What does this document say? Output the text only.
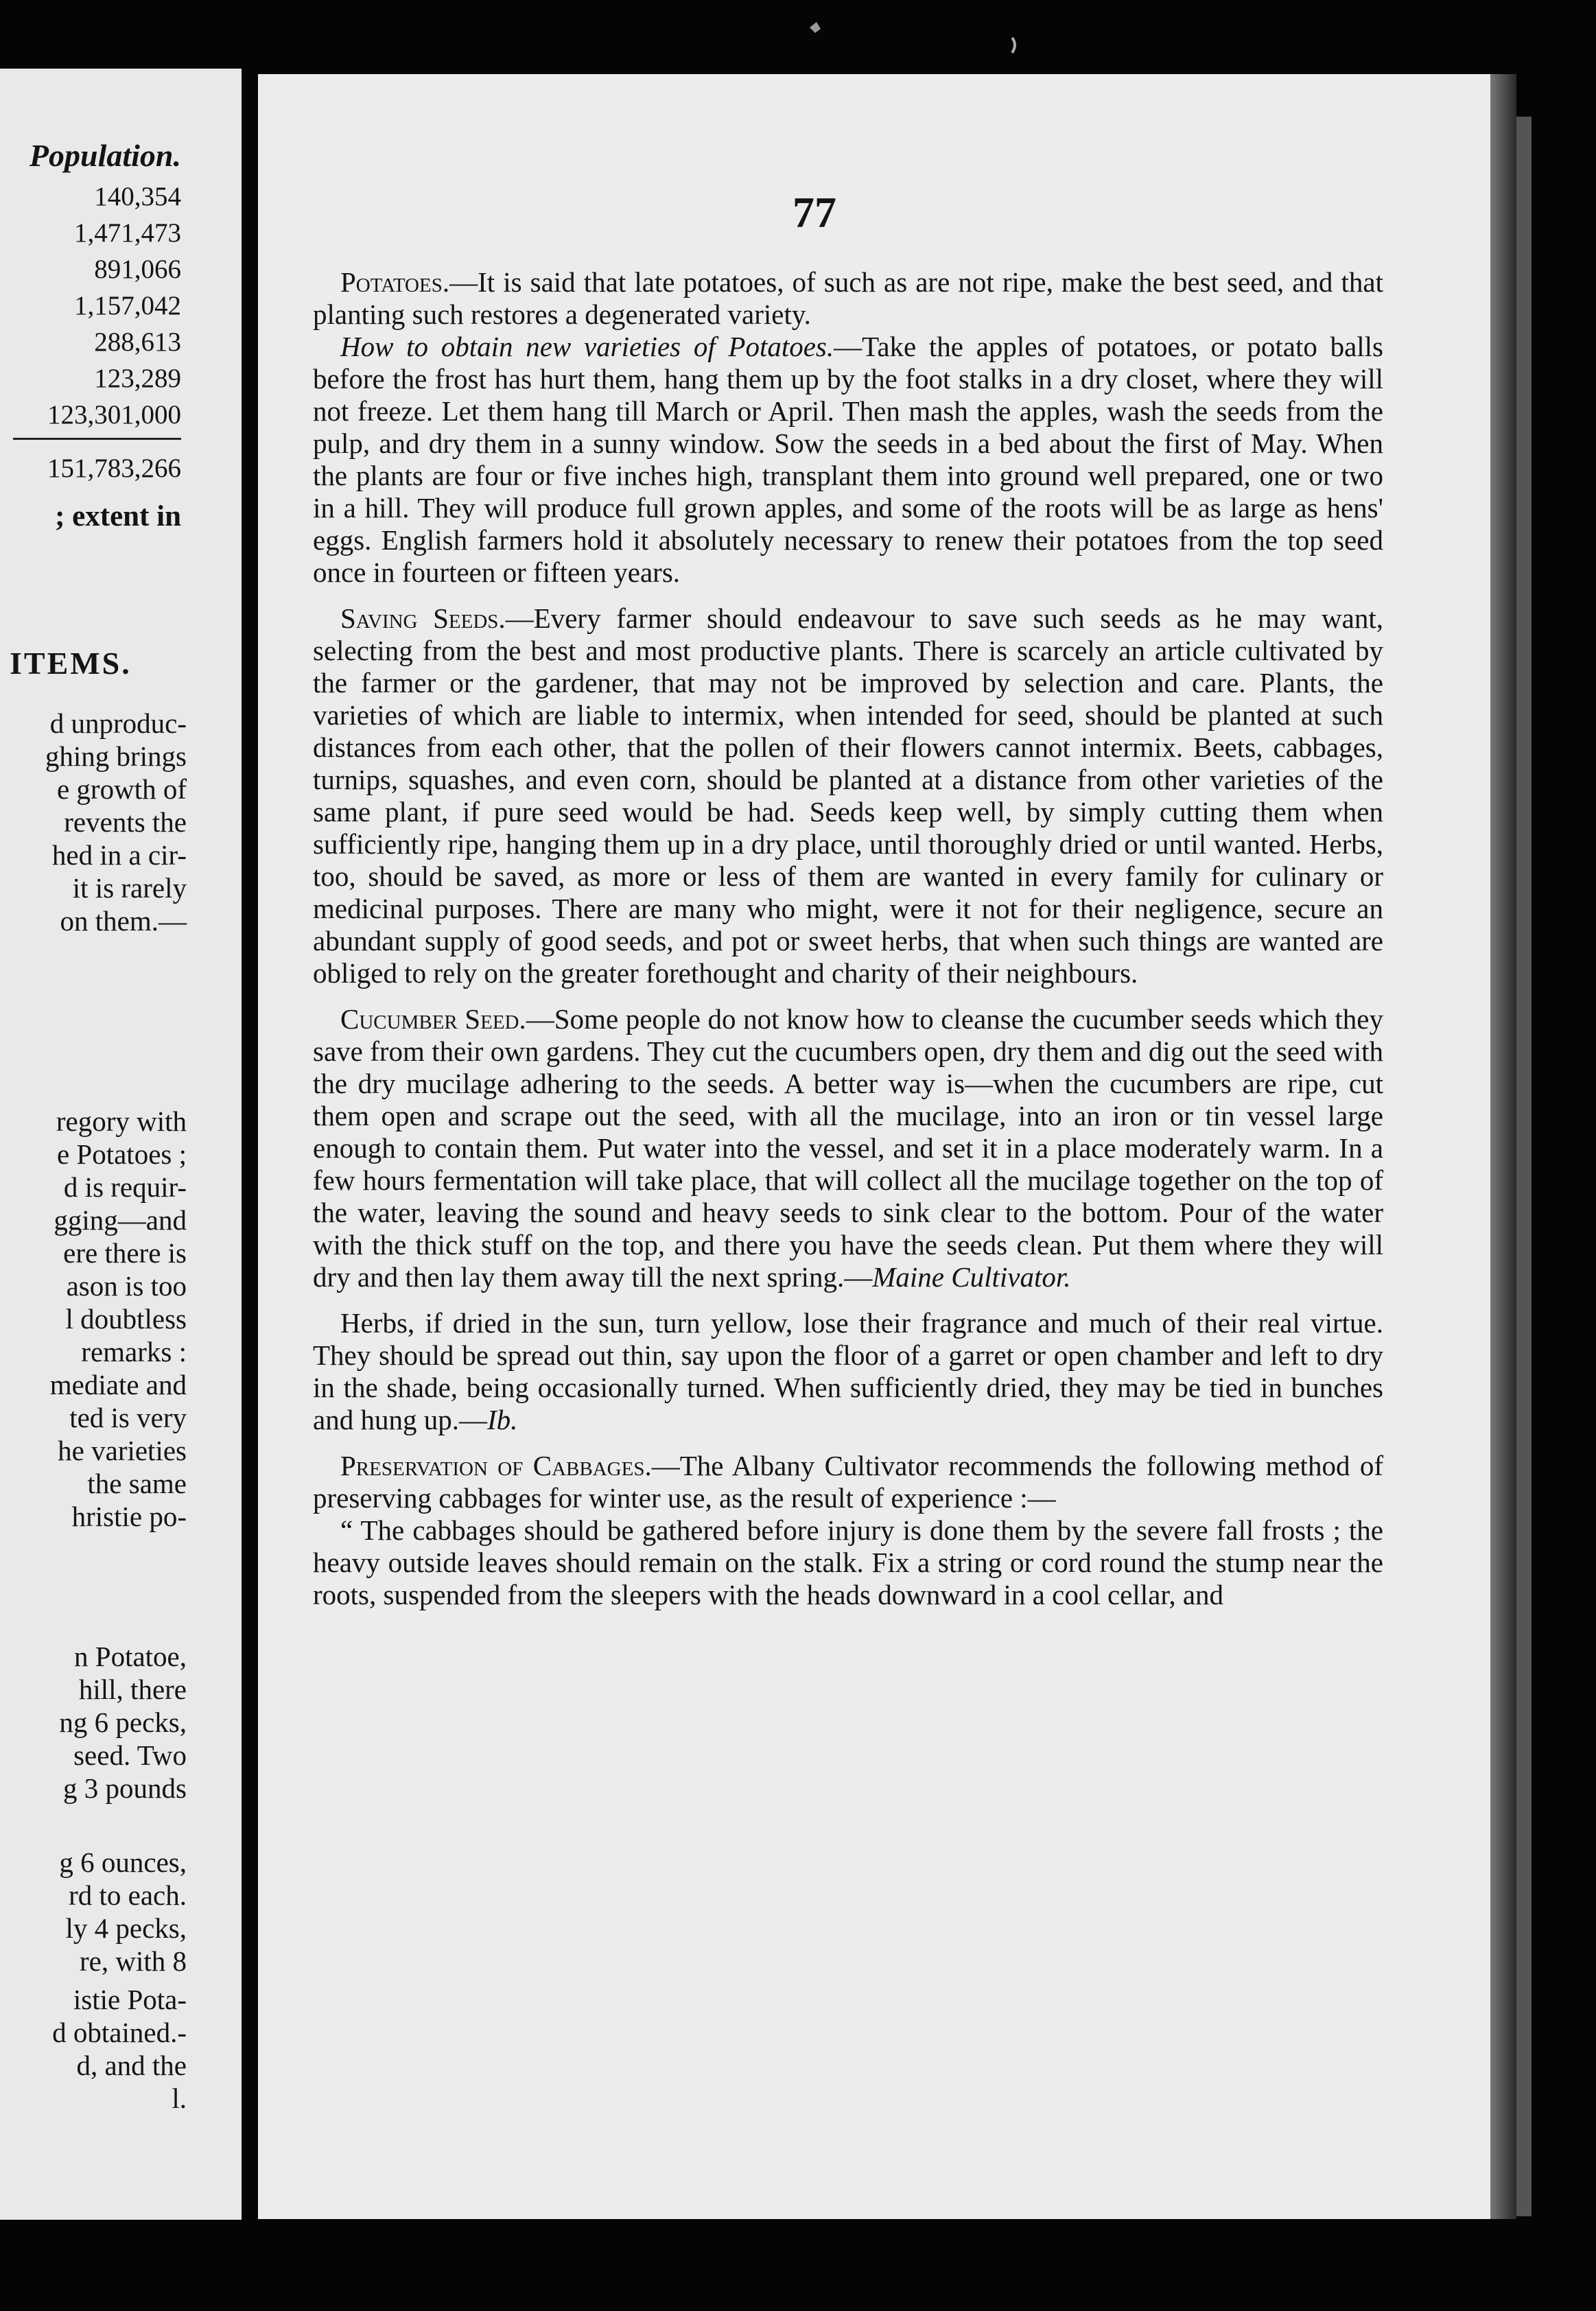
Population.
140,354
1,471,473
891,066
1,157,042
288,613
123,289
123,301,000
151,783,266
; extent in
ITEMS.
d unproduc-
ghing brings
e growth of
revents the
hed in a cir-
it is rarely
on them.—
regory with
e Potatoes ;
d is requir-
gging—and
ere there is
ason is too
l doubtless
remarks :
mediate and
ted is very
he varieties
the same
hristie po-
n Potatoe,
hill, there
ng 6 pecks,
seed. Two
g 3 pounds
g 6 ounces,
rd to each.
ly 4 pecks,
re, with 8
istie Pota-
d obtained.-
d, and the
l.
77

Potatoes.—It is said that late potatoes, of such as are not ripe, make the best seed, and that planting such restores a degenerated variety.

How to obtain new varieties of Potatoes.—Take the apples of potatoes, or potato balls before the frost has hurt them, hang them up by the foot stalks in a dry closet, where they will not freeze. Let them hang till March or April. Then mash the apples, wash the seeds from the pulp, and dry them in a sunny window. Sow the seeds in a bed about the first of May. When the plants are four or five inches high, transplant them into ground well prepared, one or two in a hill. They will produce full grown apples, and some of the roots will be as large as hens' eggs. English farmers hold it absolutely necessary to renew their potatoes from the top seed once in fourteen or fifteen years.

Saving Seeds.—Every farmer should endeavour to save such seeds as he may want, selecting from the best and most productive plants. There is scarcely an article cultivated by the farmer or the gardener, that may not be improved by selection and care. Plants, the varieties of which are liable to intermix, when intended for seed, should be planted at such distances from each other, that the pollen of their flowers cannot intermix. Beets, cabbages, turnips, squashes, and even corn, should be planted at a distance from other varieties of the same plant, if pure seed would be had. Seeds keep well, by simply cutting them when sufficiently ripe, hanging them up in a dry place, until thoroughly dried or until wanted. Herbs, too, should be saved, as more or less of them are wanted in every family for culinary or medicinal purposes. There are many who might, were it not for their negligence, secure an abundant supply of good seeds, and pot or sweet herbs, that when such things are wanted are obliged to rely on the greater forethought and charity of their neighbours.

Cucumber Seed.—Some people do not know how to cleanse the cucumber seeds which they save from their own gardens. They cut the cucumbers open, dry them and dig out the seed with the dry mucilage adhering to the seeds. A better way is—when the cucumbers are ripe, cut them open and scrape out the seed, with all the mucilage, into an iron or tin vessel large enough to contain them. Put water into the vessel, and set it in a place moderately warm. In a few hours fermentation will take place, that will collect all the mucilage together on the top of the water, leaving the sound and heavy seeds to sink clear to the bottom. Pour of the water with the thick stuff on the top, and there you have the seeds clean. Put them where they will dry and then lay them away till the next spring.—Maine Cultivator.

Herbs, if dried in the sun, turn yellow, lose their fragrance and much of their real virtue. They should be spread out thin, say upon the floor of a garret or open chamber and left to dry in the shade, being occasionally turned. When sufficiently dried, they may be tied in bunches and hung up.—Ib.

Preservation of Cabbages.—The Albany Cultivator recommends the following method of preserving cabbages for winter use, as the result of experience :—

“ The cabbages should be gathered before injury is done them by the severe fall frosts ; the heavy outside leaves should remain on the stalk. Fix a string or cord round the stump near the roots, suspended from the sleepers with the heads downward in a cool cellar, and
